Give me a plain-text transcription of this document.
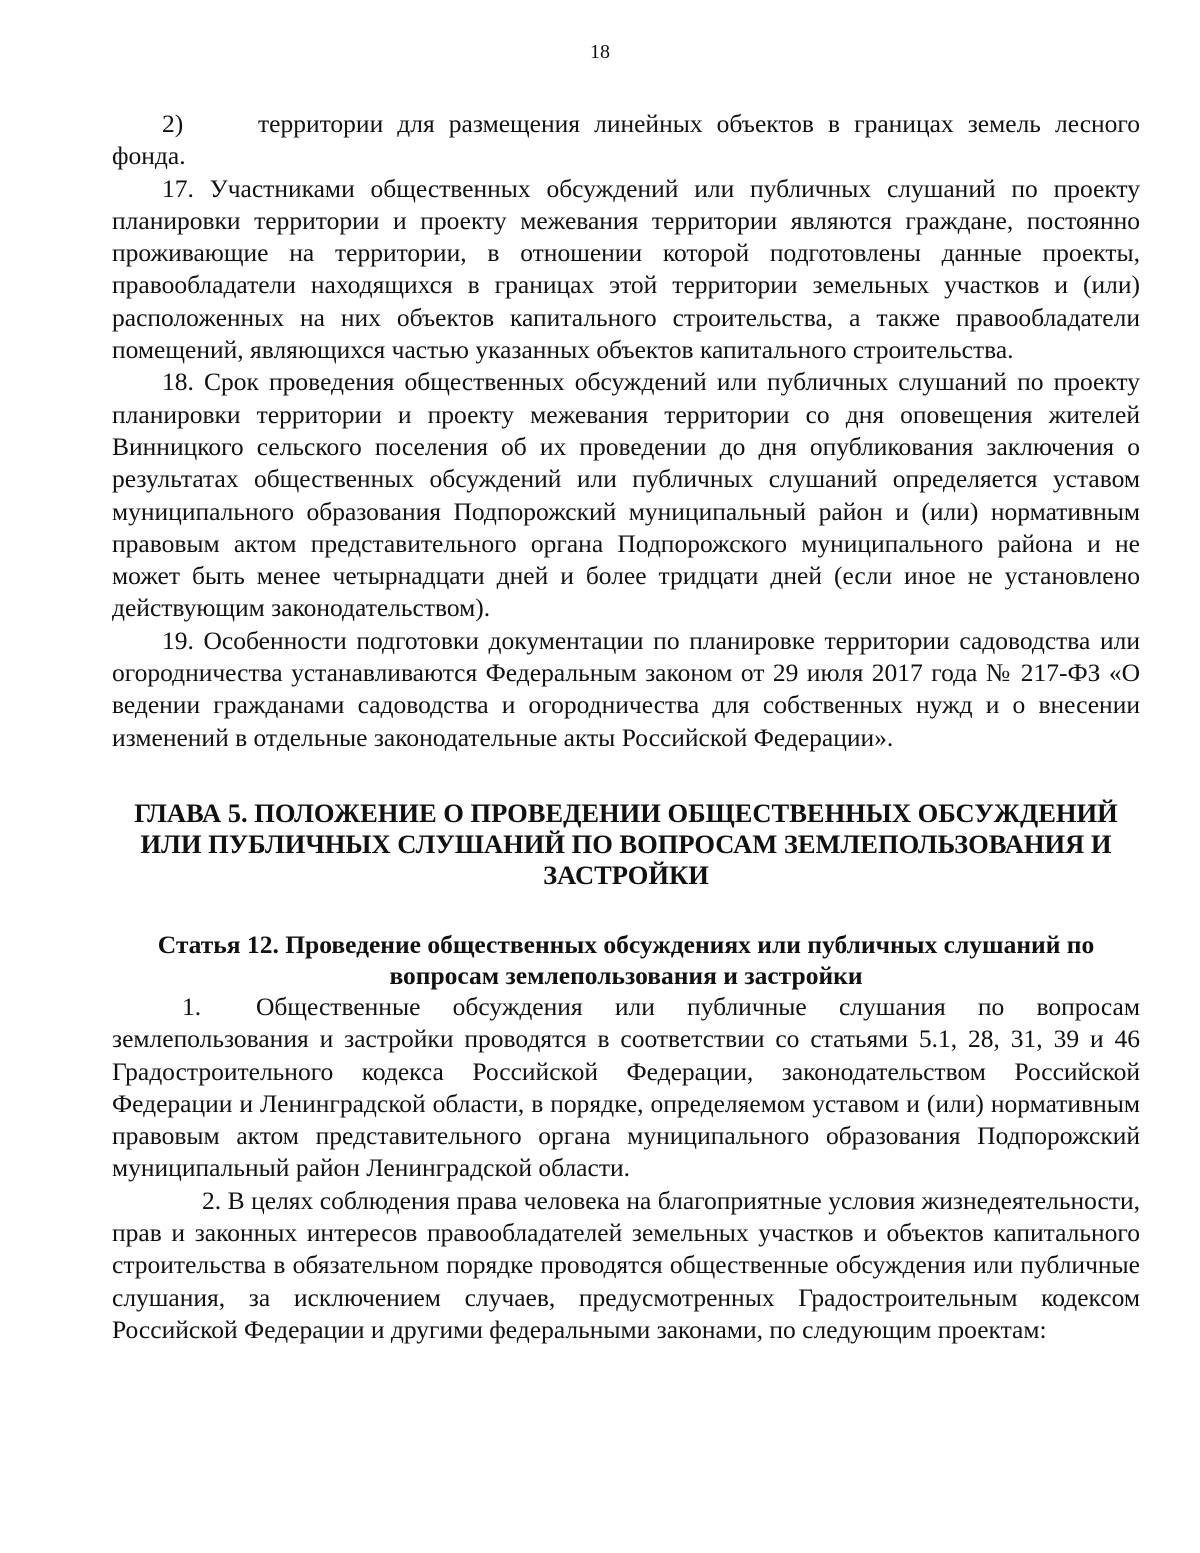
18

2)	территории для размещения линейных объектов в границах земель лесного фонда.

17. Участниками общественных обсуждений или публичных слушаний по проекту планировки территории и проекту межевания территории являются граждане, постоянно проживающие на территории, в отношении которой подготовлены данные проекты, правообладатели находящихся в границах этой территории земельных участков и (или) расположенных на них объектов капитального строительства, а также правообладатели помещений, являющихся частью указанных объектов капитального строительства.

18. Срок проведения общественных обсуждений или публичных слушаний по проекту планировки территории и проекту межевания территории со дня оповещения жителей Винницкого сельского поселения об их проведении до дня опубликования заключения о результатах общественных обсуждений или публичных слушаний определяется уставом муниципального образования Подпорожский муниципальный район и (или) нормативным правовым актом представительного органа Подпорожского муниципального района и не может быть менее четырнадцати дней и более тридцати дней (если иное не установлено действующим законодательством).

19. Особенности подготовки документации по планировке территории садоводства или огородничества устанавливаются Федеральным законом от 29 июля 2017 года № 217-ФЗ «О ведении гражданами садоводства и огородничества для собственных нужд и о внесении изменений в отдельные законодательные акты Российской Федерации».

ГЛАВА 5. ПОЛОЖЕНИЕ О ПРОВЕДЕНИИ ОБЩЕСТВЕННЫХ ОБСУЖДЕНИЙ ИЛИ ПУБЛИЧНЫХ СЛУШАНИЙ ПО ВОПРОСАМ ЗЕМЛЕПОЛЬЗОВАНИЯ И ЗАСТРОЙКИ
Статья 12. Проведение общественных обсуждениях или публичных слушаний по вопросам землепользования и застройки

1. Общественные обсуждения или публичные слушания по вопросам землепользования и застройки проводятся в соответствии со статьями 5.1, 28, 31, 39 и 46 Градостроительного кодекса Российской Федерации, законодательством Российской Федерации и Ленинградской области, в порядке, определяемом уставом и (или) нормативным правовым актом представительного органа муниципального образования Подпорожский муниципальный район Ленинградской области.

2. В целях соблюдения права человека на благоприятные условия жизнедеятельности, прав и законных интересов правообладателей земельных участков и объектов капитального строительства в обязательном порядке проводятся общественные обсуждения или публичные слушания, за исключением случаев, предусмотренных Градостроительным кодексом Российской Федерации и другими федеральными законами, по следующим проектам:
